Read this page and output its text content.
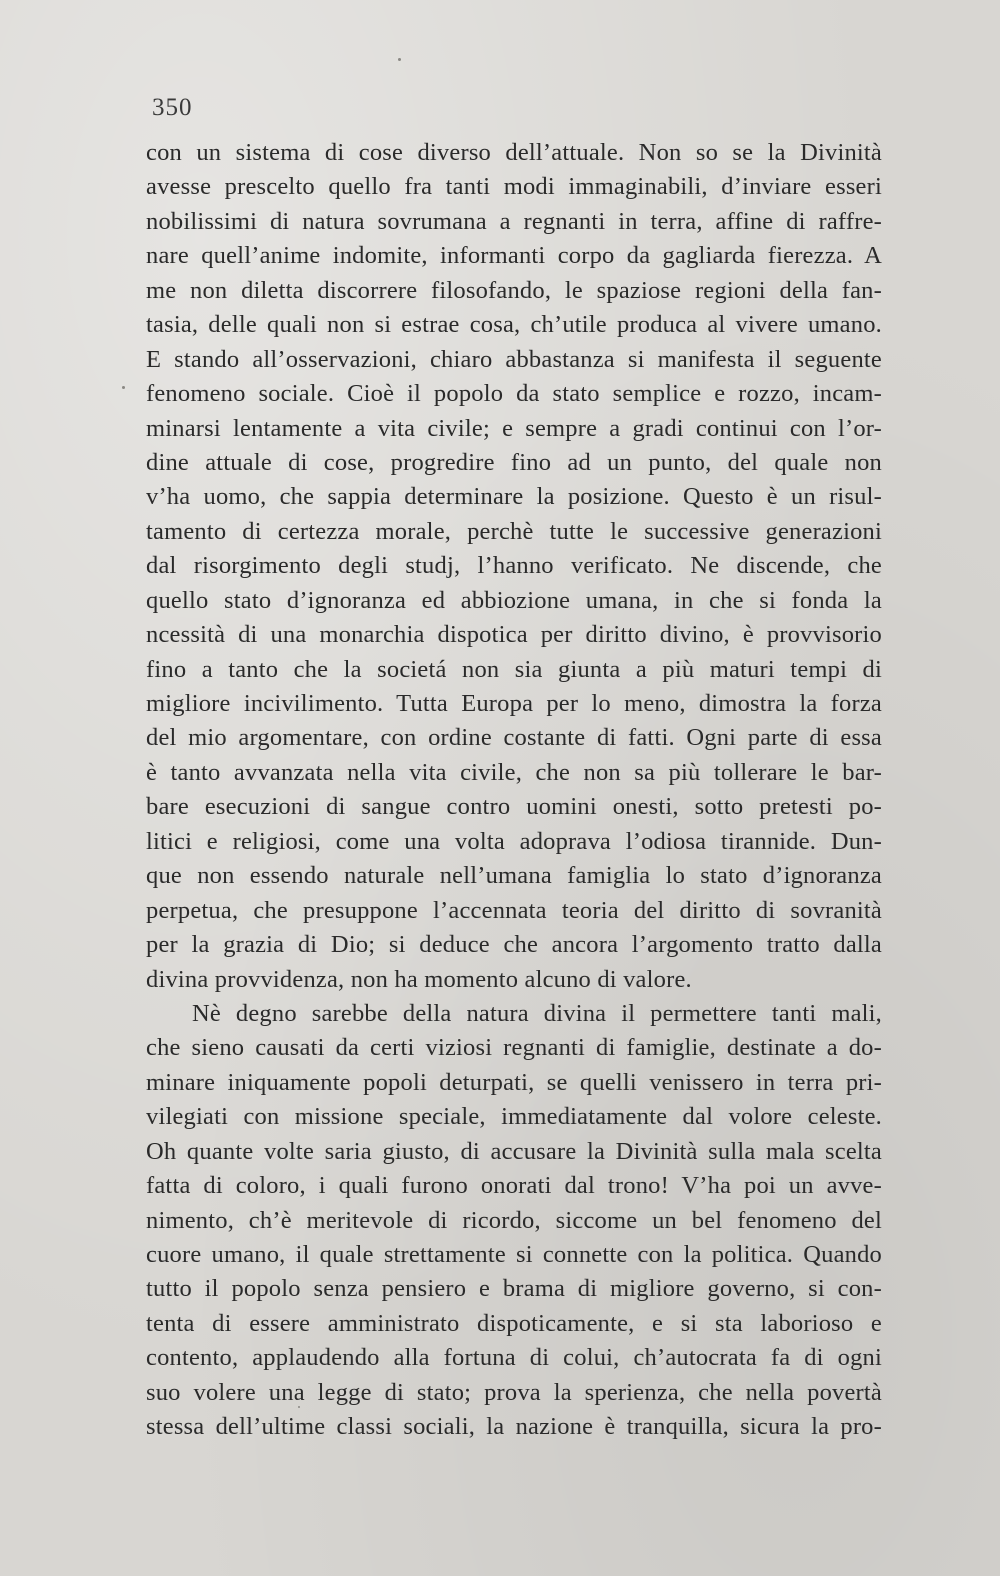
350

con un sistema di cose diverso dell’attuale. Non so se la Divinità
avesse prescelto quello fra tanti modi immaginabili, d’inviare esseri
nobilissimi di natura sovrumana a regnanti in terra, affine di raffre-
nare quell’anime indomite, informanti corpo da gagliarda fierezza. A
me non diletta discorrere filosofando, le spaziose regioni della fan-
tasia, delle quali non si estrae cosa, ch’utile produca al vivere umano.
E stando all’osservazioni, chiaro abbastanza si manifesta il seguente
fenomeno sociale. Cioè il popolo da stato semplice e rozzo, incam-
minarsi lentamente a vita civile; e sempre a gradi continui con l’or-
dine attuale di cose, progredire fino ad un punto, del quale non
v’ha uomo, che sappia determinare la posizione. Questo è un risul-
tamento di certezza morale, perchè tutte le successive generazioni
dal risorgimento degli studj, l’hanno verificato. Ne discende, che
quello stato d’ignoranza ed abbiozione umana, in che si fonda la
ncessità di una monarchia dispotica per diritto divino, è provvisorio
fino a tanto che la societá non sia giunta a più maturi tempi di
migliore incivilimento. Tutta Europa per lo meno, dimostra la forza
del mio argomentare, con ordine costante di fatti. Ogni parte di essa
è tanto avvanzata nella vita civile, che non sa più tollerare le bar-
bare esecuzioni di sangue contro uomini onesti, sotto pretesti po-
litici e religiosi, come una volta adoprava l’odiosa tirannide. Dun-
que non essendo naturale nell’umana famiglia lo stato d’ignoranza
perpetua, che presuppone l’accennata teoria del diritto di sovranità
per la grazia di Dio; si deduce che ancora l’argomento tratto dalla
divina provvidenza, non ha momento alcuno di valore.
Nè degno sarebbe della natura divina il permettere tanti mali,
che sieno causati da certi viziosi regnanti di famiglie, destinate a do-
minare iniquamente popoli deturpati, se quelli venissero in terra pri-
vilegiati con missione speciale, immediatamente dal volore celeste.
Oh quante volte saria giusto, di accusare la Divinità sulla mala scelta
fatta di coloro, i quali furono onorati dal trono! V’ha poi un avve-
nimento, ch’è meritevole di ricordo, siccome un bel fenomeno del
cuore umano, il quale strettamente si connette con la politica. Quando
tutto il popolo senza pensiero e brama di migliore governo, si con-
tenta di essere amministrato dispoticamente, e si sta laborioso e
contento, applaudendo alla fortuna di colui, ch’autocrata fa di ogni
suo volere una legge di stato; prova la sperienza, che nella povertà
stessa dell’ultime classi sociali, la nazione è tranquilla, sicura la pro-
